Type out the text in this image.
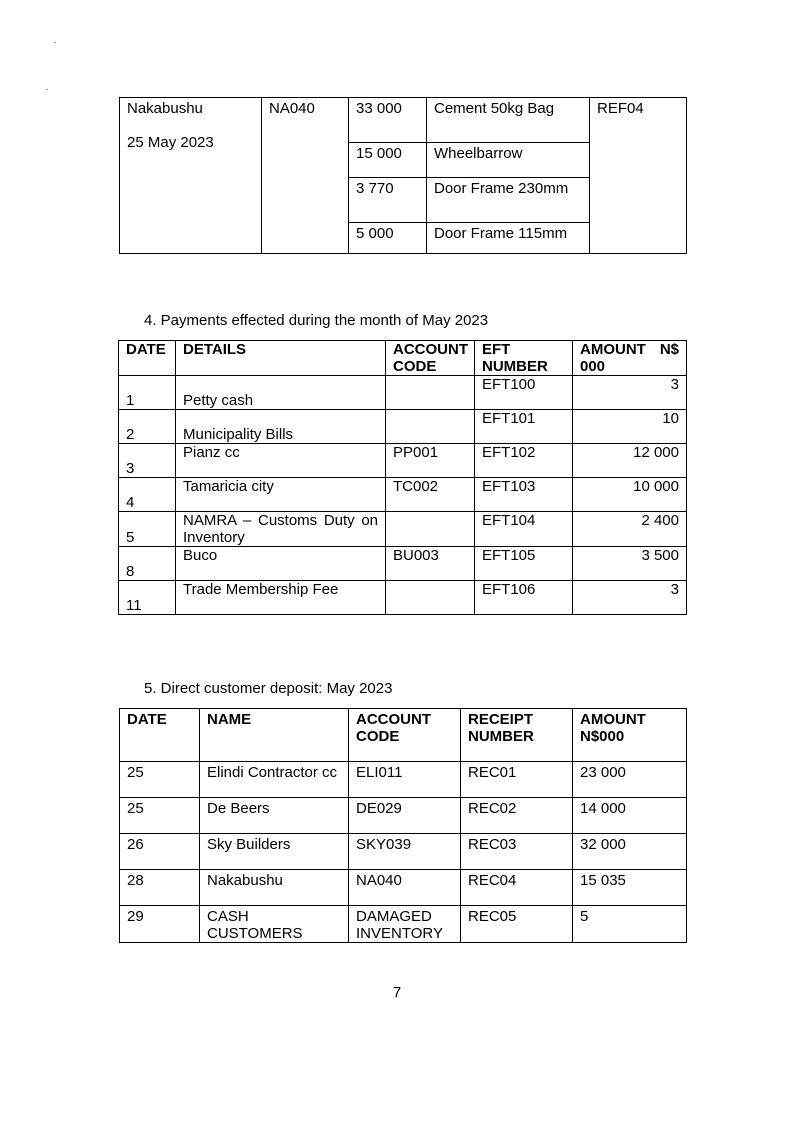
Nakabushu
25 May 2023	NA040	33 000	Cement 50kg Bag	REF04
		15 000	Wheelbarrow	
		3 770	Door Frame 230mm	
		5 000	Door Frame 115mm	
4. Payments effected during the month of May 2023
DATE	DETAILS	ACCOUNT CODE	EFT NUMBER	AMOUNT N$ 000
1	Petty cash		EFT100	3
2	Municipality Bills		EFT101	10
3	Pianz cc	PP001	EFT102	12 000
4	Tamaricia city	TC002	EFT103	10 000
5	NAMRA – Customs Duty on Inventory		EFT104	2 400
8	Buco	BU003	EFT105	3 500
11	Trade Membership Fee		EFT106	3
5. Direct customer deposit: May 2023
DATE	NAME	ACCOUNT CODE	RECEIPT NUMBER	AMOUNT N$000
25	Elindi Contractor cc	ELI011	REC01	23 000
25	De Beers	DE029	REC02	14 000
26	Sky Builders	SKY039	REC03	32 000
28	Nakabushu	NA040	REC04	15 035
29	CASH CUSTOMERS	DAMAGED INVENTORY	REC05	5
7
